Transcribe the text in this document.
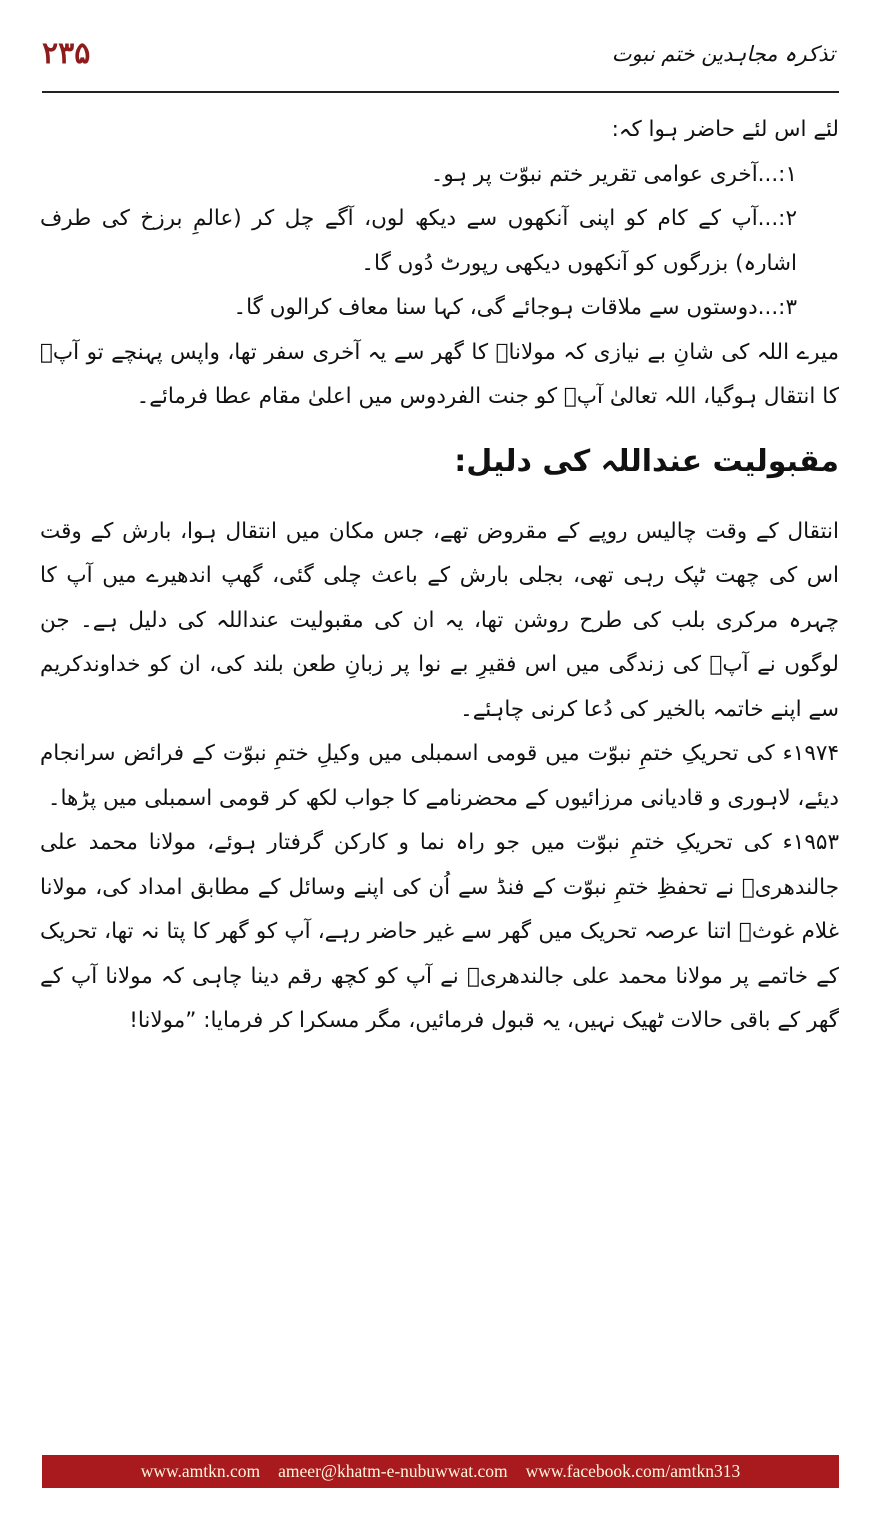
۲۳۵	تذکرہ مجاہدین ختم نبوت

لئے اس لئے حاضر ہوا کہ:

۱:...آخری عوامی تقریر ختم نبوّت پر ہو۔

۲:...آپ کے کام کو اپنی آنکھوں سے دیکھ لوں، آگے چل کر (عالمِ برزخ کی طرف اشارہ) بزرگوں کو آنکھوں دیکھی رپورٹ دُوں گا۔

۳:...دوستوں سے ملاقات ہوجائے گی، کہا سنا معاف کرالوں گا۔

میرے اللہ کی شانِ بے نیازی کہ مولاناؒ کا گھر سے یہ آخری سفر تھا، واپس پہنچے تو آپؒ کا انتقال ہوگیا، اللہ تعالیٰ آپؒ کو جنت الفردوس میں اعلیٰ مقام عطا فرمائے۔

مقبولیت عنداللہ کی دلیل:

انتقال کے وقت چالیس روپے کے مقروض تھے، جس مکان میں انتقال ہوا، بارش کے وقت اس کی چھت ٹپک رہی تھی، بجلی بارش کے باعث چلی گئی، گھپ اندھیرے میں آپ کا چہرہ مرکری بلب کی طرح روشن تھا، یہ ان کی مقبولیت عنداللہ کی دلیل ہے۔ جن لوگوں نے آپؒ کی زندگی میں اس فقیرِ بے نوا پر زبانِ طعن بلند کی، ان کو خداوندکریم سے اپنے خاتمہ بالخیر کی دُعا کرنی چاہئے۔

۱۹۷۴ء کی تحریکِ ختمِ نبوّت میں قومی اسمبلی میں وکیلِ ختمِ نبوّت کے فرائض سرانجام دیئے، لاہوری و قادیانی مرزائیوں کے محضرنامے کا جواب لکھ کر قومی اسمبلی میں پڑھا۔

۱۹۵۳ء کی تحریکِ ختمِ نبوّت میں جو راہ نما و کارکن گرفتار ہوئے، مولانا محمد علی جالندھریؒ نے تحفظِ ختمِ نبوّت کے فنڈ سے اُن کی اپنے وسائل کے مطابق امداد کی، مولانا غلام غوثؒ اتنا عرصہ تحریک میں گھر سے غیر حاضر رہے، آپ کو گھر کا پتا نہ تھا، تحریک کے خاتمے پر مولانا محمد علی جالندھریؒ نے آپ کو کچھ رقم دینا چاہی کہ مولانا آپ کے گھر کے باقی حالات ٹھیک نہیں، یہ قبول فرمائیں، مگر مسکرا کر فرمایا: ”مولانا!

www.amtkn.com ameer@khatm-e-nubuwwat.com www.facebook.com/amtkn313
